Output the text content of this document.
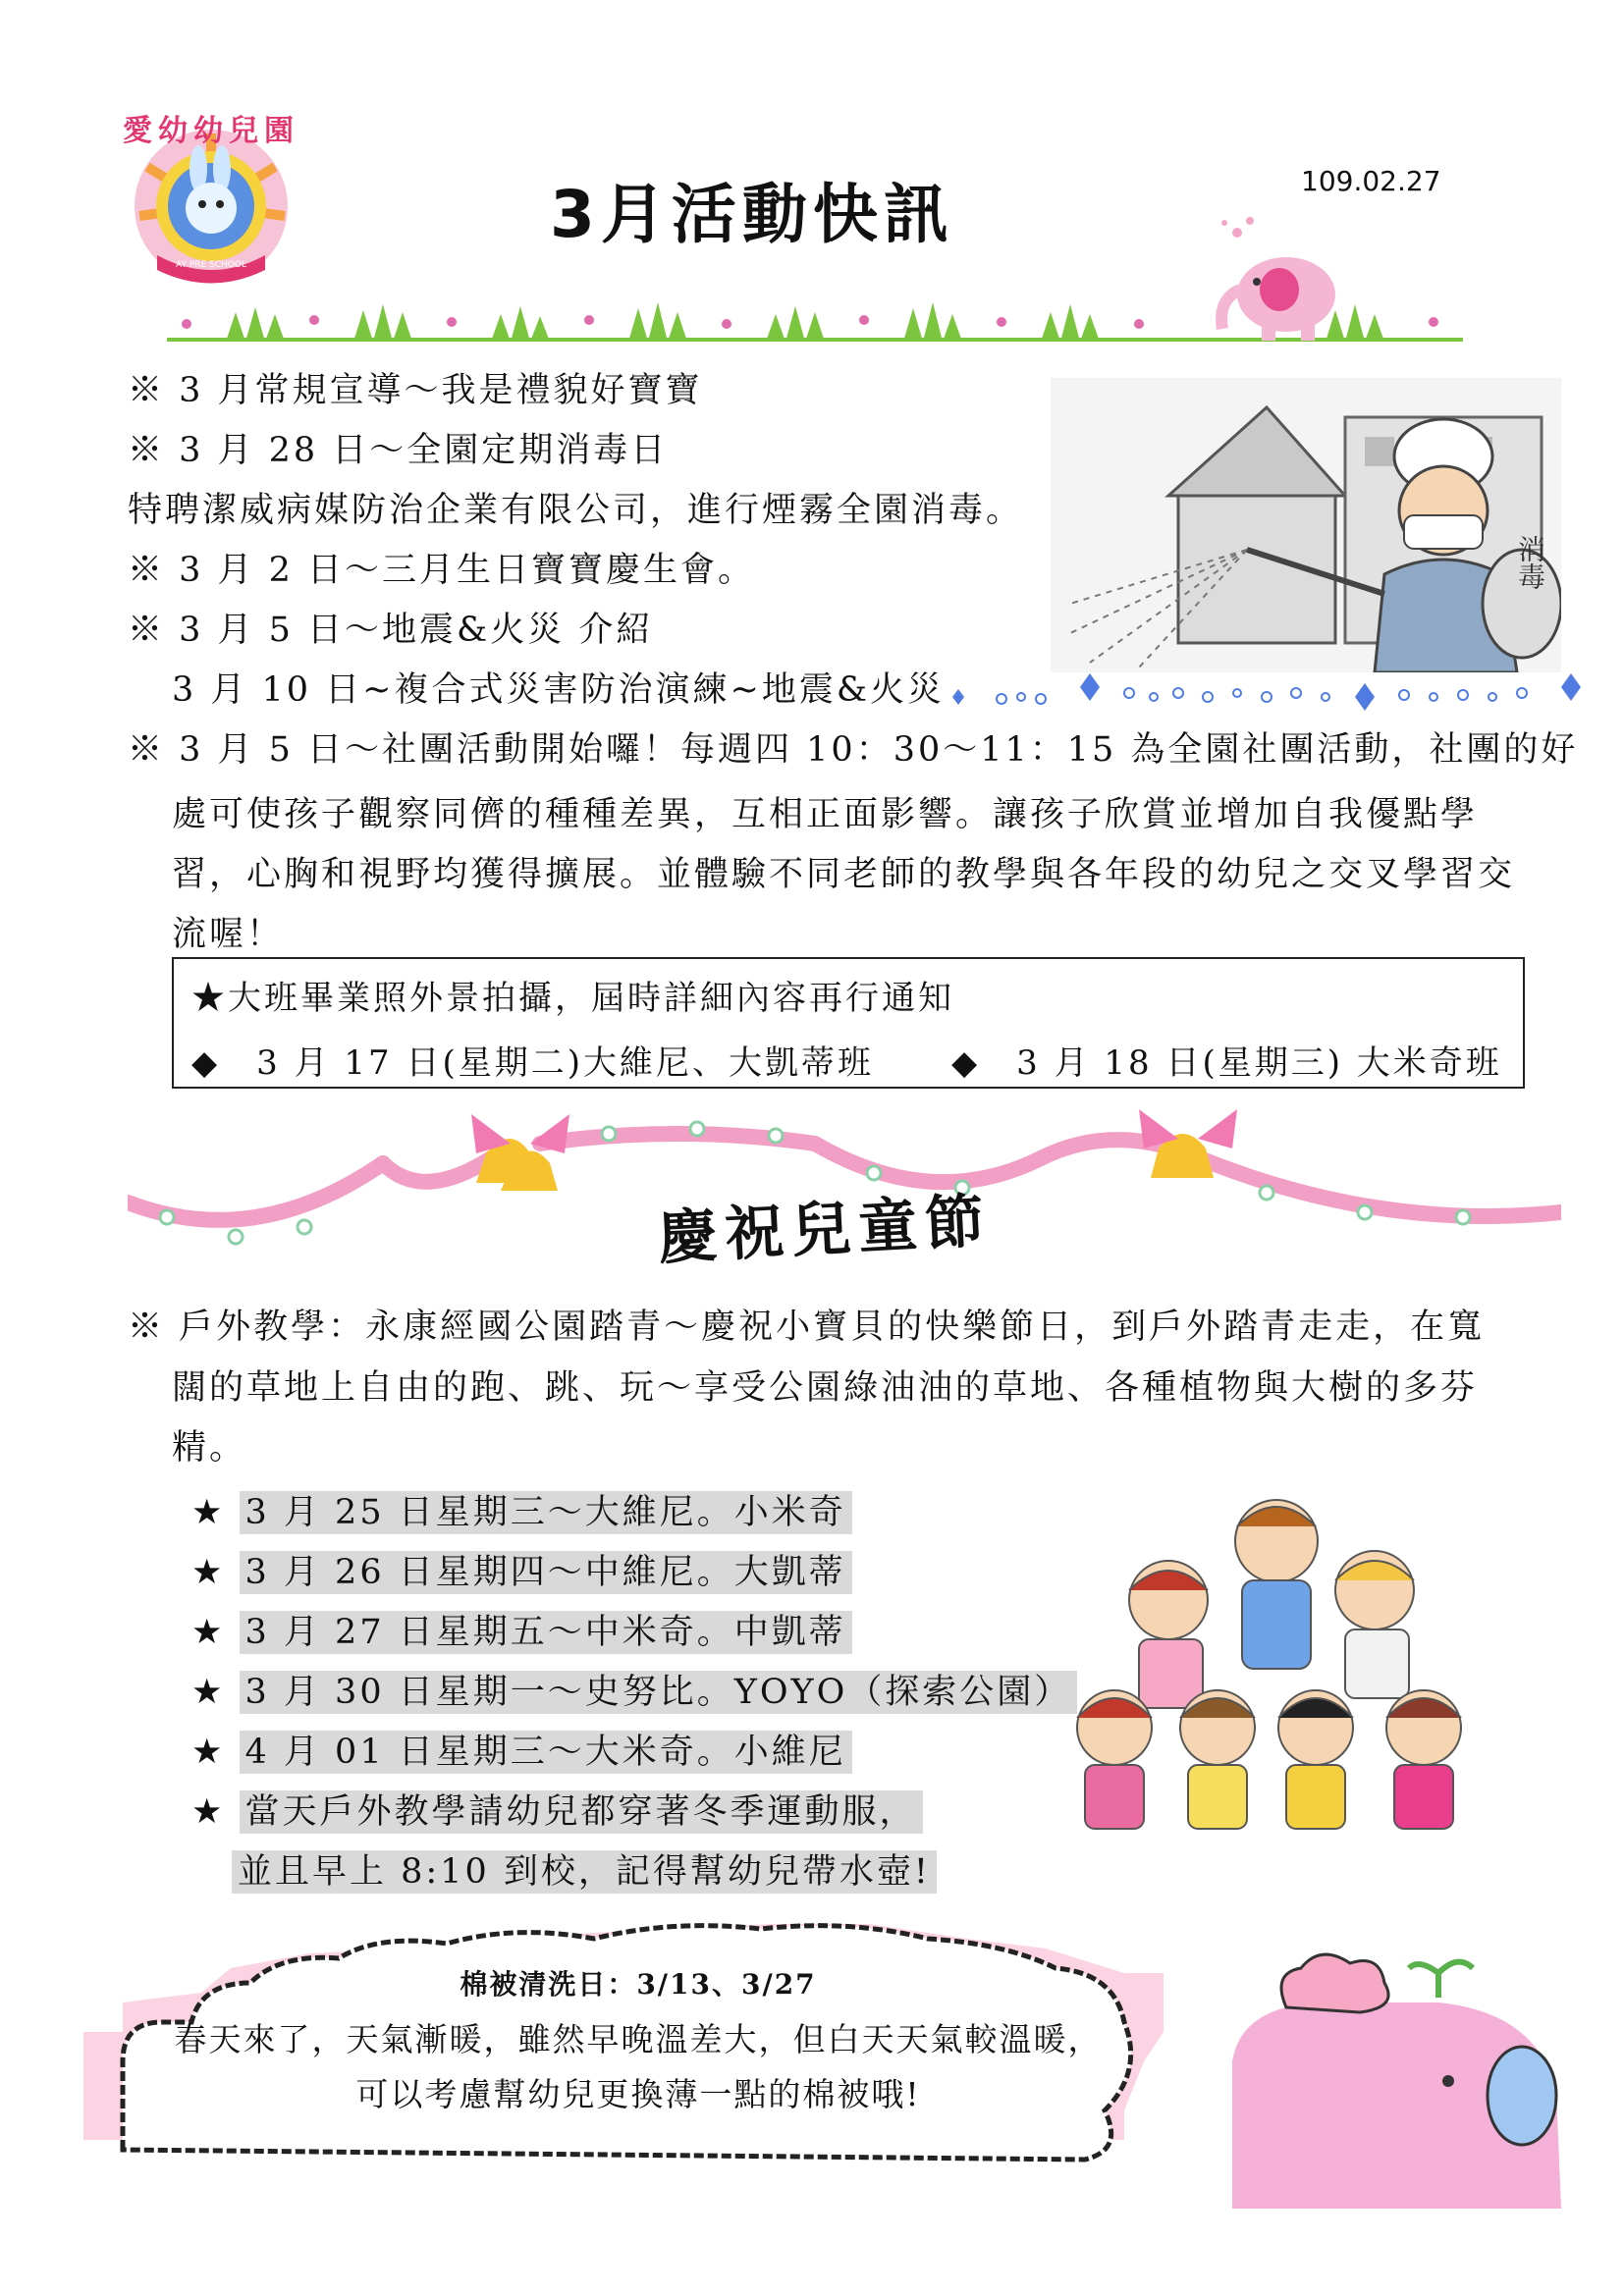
愛幼幼兒園
AY PRE SCHOOL
3月活動快訊	109.02.27
※ 3 月常規宣導～我是禮貌好寶寶
※ 3 月 28 日～全園定期消毒日
特聘潔威病媒防治企業有限公司，進行煙霧全園消毒。
※ 3 月 2 日～三月生日寶寶慶生會。
※ 3 月 5 日～地震&火災 介紹
3 月 10 日~複合式災害防治演練~地震&火災
消毒
※ 3 月 5 日～社團活動開始囉！每週四 10：30～11：15 為全園社團活動，社團的好
處可使孩子觀察同儕的種種差異，互相正面影響。讓孩子欣賞並增加自我優點學習，心胸和視野均獲得擴展。並體驗不同老師的教學與各年段的幼兒之交叉學習交流喔！
★大班畢業照外景拍攝，屆時詳細內容再行通知
◆　3 月 17 日(星期二)大維尼、大凱蒂班 ◆　3 月 18 日(星期三) 大米奇班
慶祝兒童節
※ 戶外教學：永康經國公園踏青～慶祝小寶貝的快樂節日，到戶外踏青走走，在寬
闊的草地上自由的跑、跳、玩～享受公園綠油油的草地、各種植物與大樹的多芬精。
★ 3 月 25 日星期三～大維尼。小米奇
★ 3 月 26 日星期四～中維尼。大凱蒂
★ 3 月 27 日星期五～中米奇。中凱蒂
★ 3 月 30 日星期一～史努比。YOYO（探索公園）
★ 4 月 01 日星期三～大米奇。小維尼
★ 當天戶外教學請幼兒都穿著冬季運動服，
並且早上 8:10 到校，記得幫幼兒帶水壺!
棉被清洗日：3/13、3/27
春天來了，天氣漸暖，雖然早晚溫差大，但白天天氣較溫暖，
可以考慮幫幼兒更換薄一點的棉被哦!
